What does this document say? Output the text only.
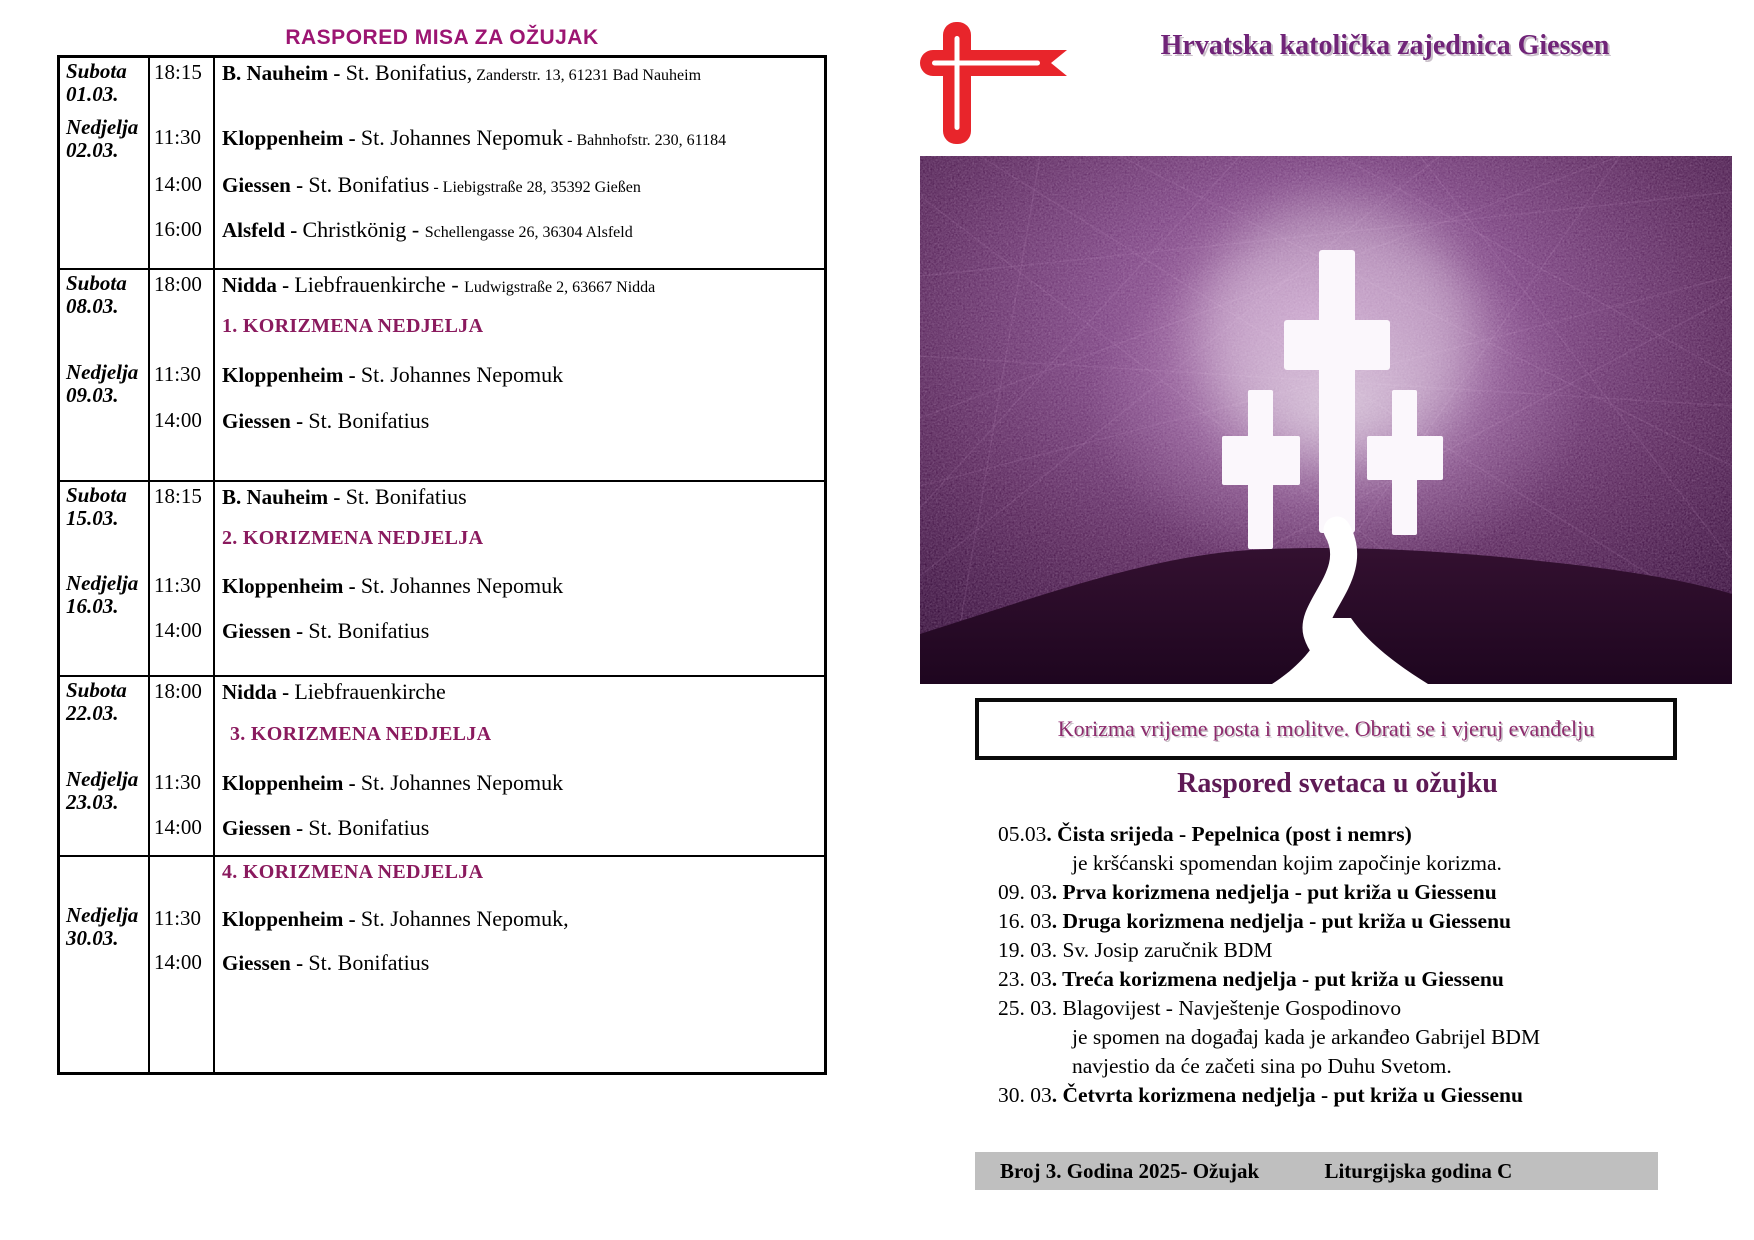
RASPORED MISA ZA OŽUJAK
Subota
01.03.
18:15 B. Nauheim - St. Bonifatius, Zanderstr. 13, 61231 Bad Nauheim
Nedjelja
02.03.
11:30 Kloppenheim - St. Johannes Nepomuk - Bahnhofstr. 230, 61184
14:00 Giessen - St. Bonifatius - Liebigstraße 28, 35392 Gießen
16:00 Alsfeld - Christkönig - Schellengasse 26, 36304 Alsfeld
Subota
08.03.
18:00 Nidda - Liebfrauenkirche - Ludwigstraße 2, 63667 Nidda
1. KORIZMENA NEDJELJA
Nedjelja
09.03.
11:30 Kloppenheim - St. Johannes Nepomuk
14:00 Giessen - St. Bonifatius
Subota
15.03.
18:15 B. Nauheim - St. Bonifatius
2. KORIZMENA NEDJELJA
Nedjelja
16.03.
11:30 Kloppenheim - St. Johannes Nepomuk
14:00 Giessen - St. Bonifatius
Subota
22.03.
18:00 Nidda - Liebfrauenkirche
3. KORIZMENA NEDJELJA
Nedjelja
23.03.
11:30 Kloppenheim - St. Johannes Nepomuk
14:00 Giessen - St. Bonifatius
4. KORIZMENA NEDJELJA
Nedjelja
30.03.
11:30 Kloppenheim - St. Johannes Nepomuk,
14:00 Giessen - St. Bonifatius
Hrvatska katolička zajednica Giessen
Korizma vrijeme posta i molitve. Obrati se i vjeruj evanđelju
Raspored svetaca u ožujku
05.03. Čista srijeda - Pepelnica (post i nemrs)
je kršćanski spomendan kojim započinje korizma.
09. 03. Prva korizmena nedjelja - put križa u Giessenu
16. 03. Druga korizmena nedjelja - put križa u Giessenu
19. 03. Sv. Josip zaručnik BDM
23. 03. Treća korizmena nedjelja - put križa u Giessenu
25. 03. Blagovijest - Navještenje Gospodinovo
je spomen na događaj kada je arkanđeo Gabrijel BDM
navjestio da će začeti sina po Duhu Svetom.
30. 03. Četvrta korizmena nedjelja - put križa u Giessenu
Broj 3. Godina 2025- Ožujak	Liturgijska godina C
